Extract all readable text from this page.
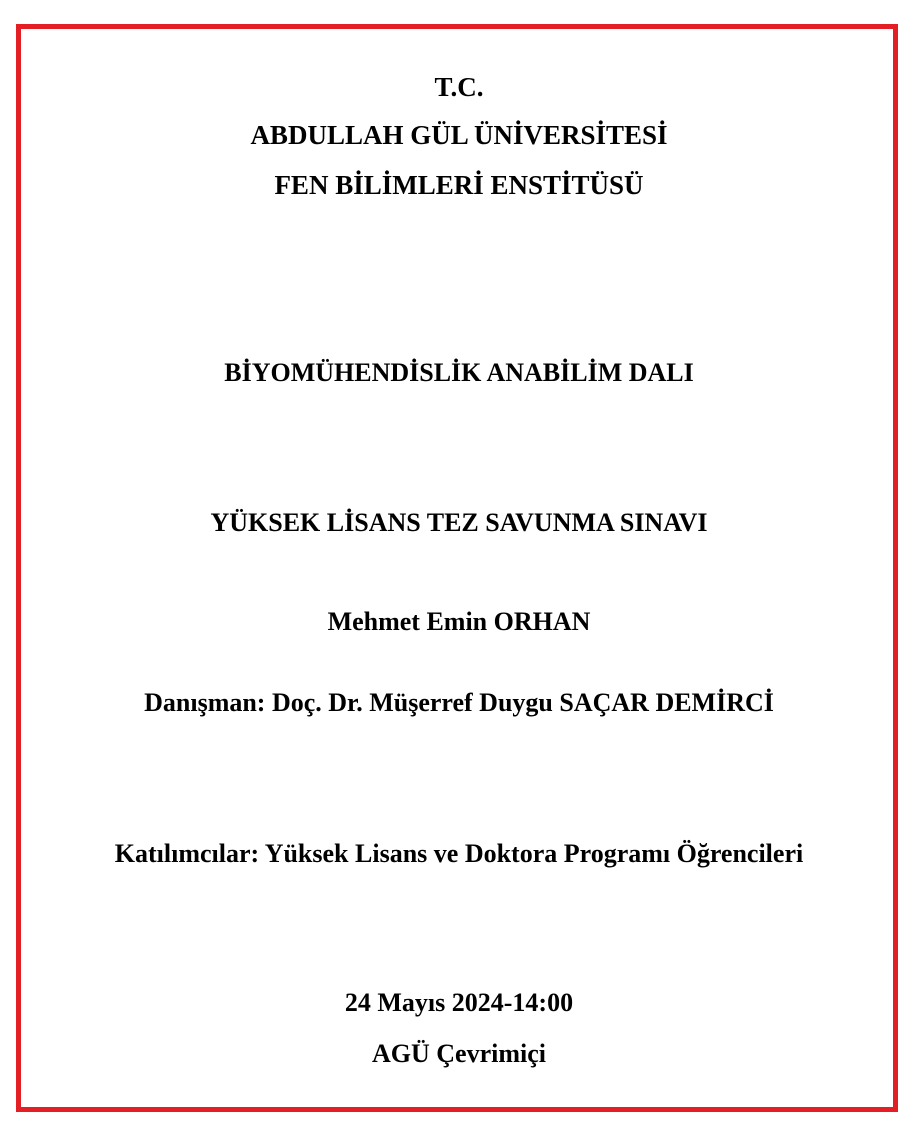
T.C.
ABDULLAH GÜL ÜNİVERSİTESİ
FEN BİLİMLERİ ENSTİTÜSÜ
BİYOMÜHENDİSLİK ANABİLİM DALI
YÜKSEK LİSANS TEZ SAVUNMA SINAVI
Mehmet Emin ORHAN
Danışman: Doç. Dr. Müşerref Duygu SAÇAR DEMİRCİ
Katılımcılar: Yüksek Lisans ve Doktora Programı Öğrencileri
24 Mayıs 2024-14:00
AGÜ Çevrimiçi
